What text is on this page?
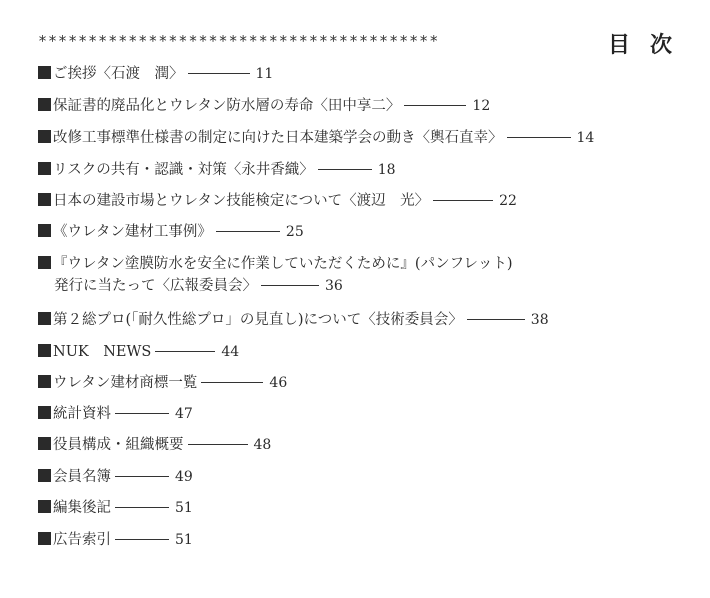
****************************************	目次
ご挨拶〈石渡　潤〉	11
保証書的廃品化とウレタン防水層の寿命〈田中享二〉	12
改修工事標準仕様書の制定に向けた日本建築学会の動き〈輿石直幸〉	14
リスクの共有・認識・対策〈永井香織〉	18
日本の建設市場とウレタン技能検定について〈渡辺　光〉	22
《ウレタン建材工事例》	25
『ウレタン塗膜防水を安全に作業していただくために』(パンフレット)
発行に当たって〈広報委員会〉	36
第２総プロ(「耐久性総プロ」の見直し)について〈技術委員会〉	38
NUK　NEWS	44
ウレタン建材商標一覧	46
統計資料	47
役員構成・組織概要	48
会員名簿	49
編集後記	51
広告索引	51
